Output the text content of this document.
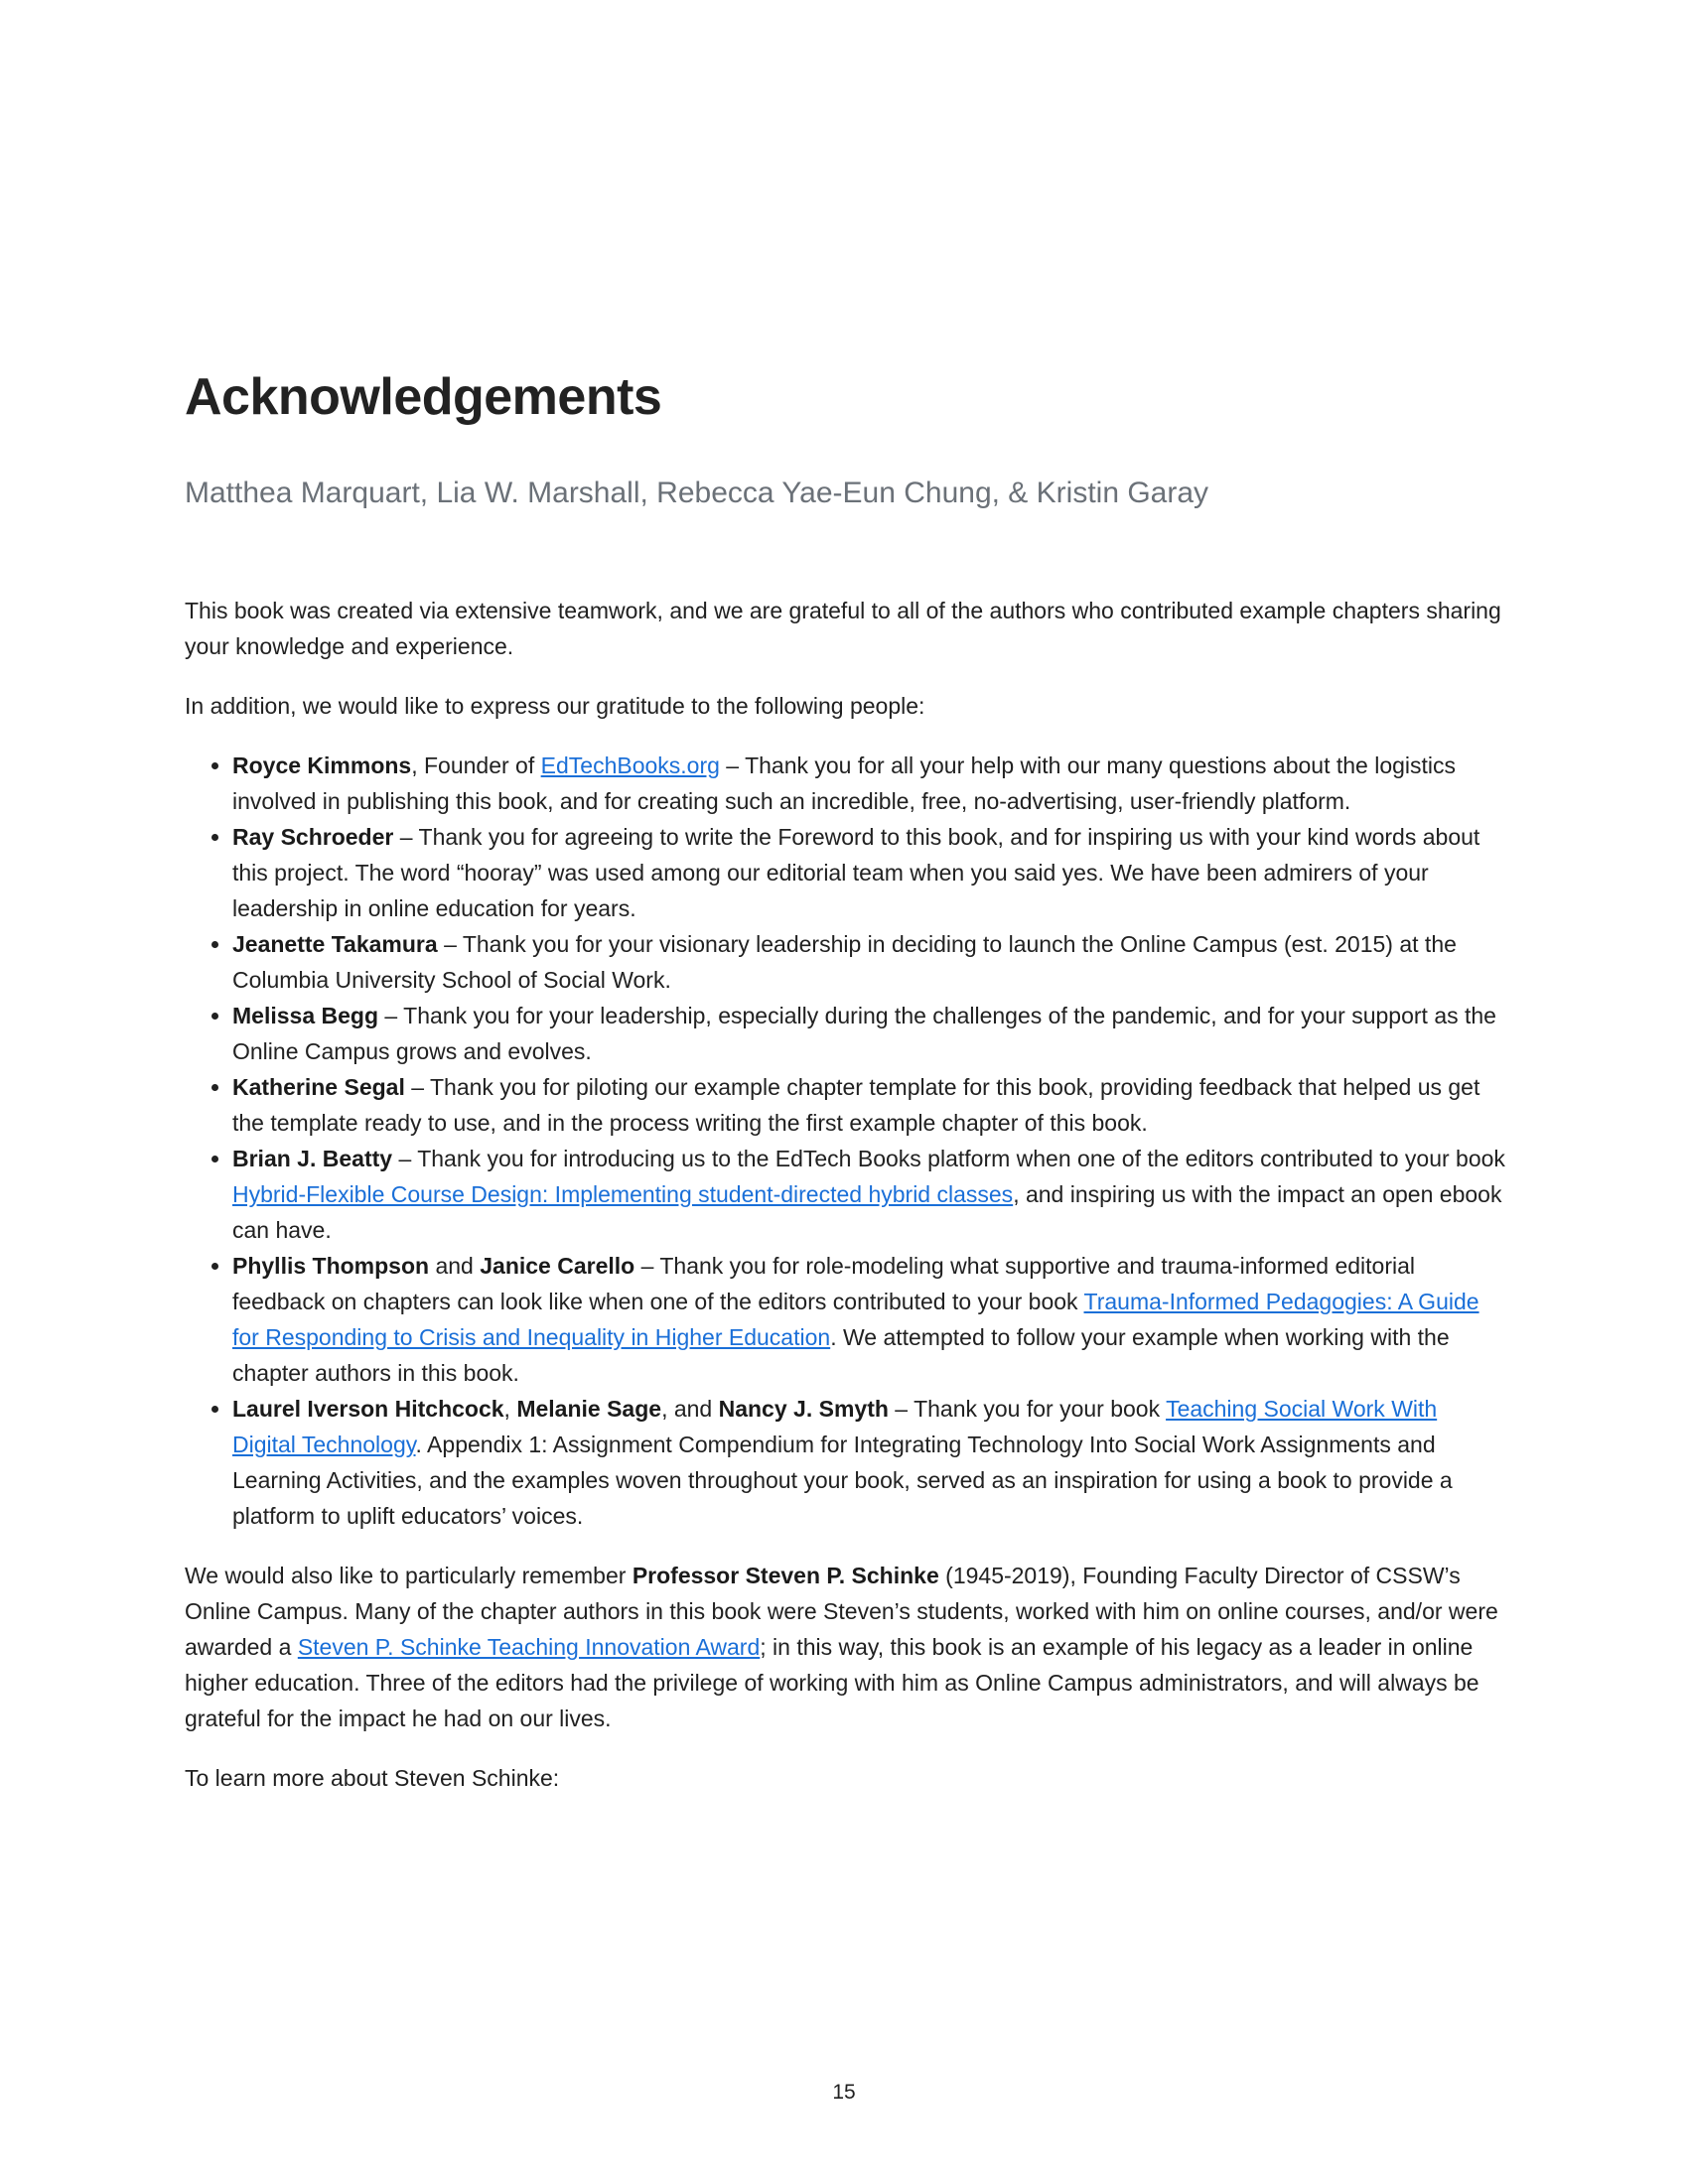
Acknowledgements
Matthea Marquart, Lia W. Marshall, Rebecca Yae-Eun Chung, & Kristin Garay

This book was created via extensive teamwork, and we are grateful to all of the authors who contributed example chapters sharing your knowledge and experience.

In addition, we would like to express our gratitude to the following people:

• Royce Kimmons, Founder of EdTechBooks.org – Thank you for all your help with our many questions about the logistics involved in publishing this book, and for creating such an incredible, free, no-advertising, user-friendly platform.
• Ray Schroeder – Thank you for agreeing to write the Foreword to this book, and for inspiring us with your kind words about this project. The word “hooray” was used among our editorial team when you said yes. We have been admirers of your leadership in online education for years.
• Jeanette Takamura – Thank you for your visionary leadership in deciding to launch the Online Campus (est. 2015) at the Columbia University School of Social Work.
• Melissa Begg – Thank you for your leadership, especially during the challenges of the pandemic, and for your support as the Online Campus grows and evolves.
• Katherine Segal – Thank you for piloting our example chapter template for this book, providing feedback that helped us get the template ready to use, and in the process writing the first example chapter of this book.
• Brian J. Beatty – Thank you for introducing us to the EdTech Books platform when one of the editors contributed to your book Hybrid-Flexible Course Design: Implementing student-directed hybrid classes, and inspiring us with the impact an open ebook can have.
• Phyllis Thompson and Janice Carello – Thank you for role-modeling what supportive and trauma-informed editorial feedback on chapters can look like when one of the editors contributed to your book Trauma-Informed Pedagogies: A Guide for Responding to Crisis and Inequality in Higher Education. We attempted to follow your example when working with the chapter authors in this book.
• Laurel Iverson Hitchcock, Melanie Sage, and Nancy J. Smyth – Thank you for your book Teaching Social Work With Digital Technology. Appendix 1: Assignment Compendium for Integrating Technology Into Social Work Assignments and Learning Activities, and the examples woven throughout your book, served as an inspiration for using a book to provide a platform to uplift educators’ voices.

We would also like to particularly remember Professor Steven P. Schinke (1945-2019), Founding Faculty Director of CSSW’s Online Campus. Many of the chapter authors in this book were Steven’s students, worked with him on online courses, and/or were awarded a Steven P. Schinke Teaching Innovation Award; in this way, this book is an example of his legacy as a leader in online higher education. Three of the editors had the privilege of working with him as Online Campus administrators, and will always be grateful for the impact he had on our lives.

To learn more about Steven Schinke:

15
